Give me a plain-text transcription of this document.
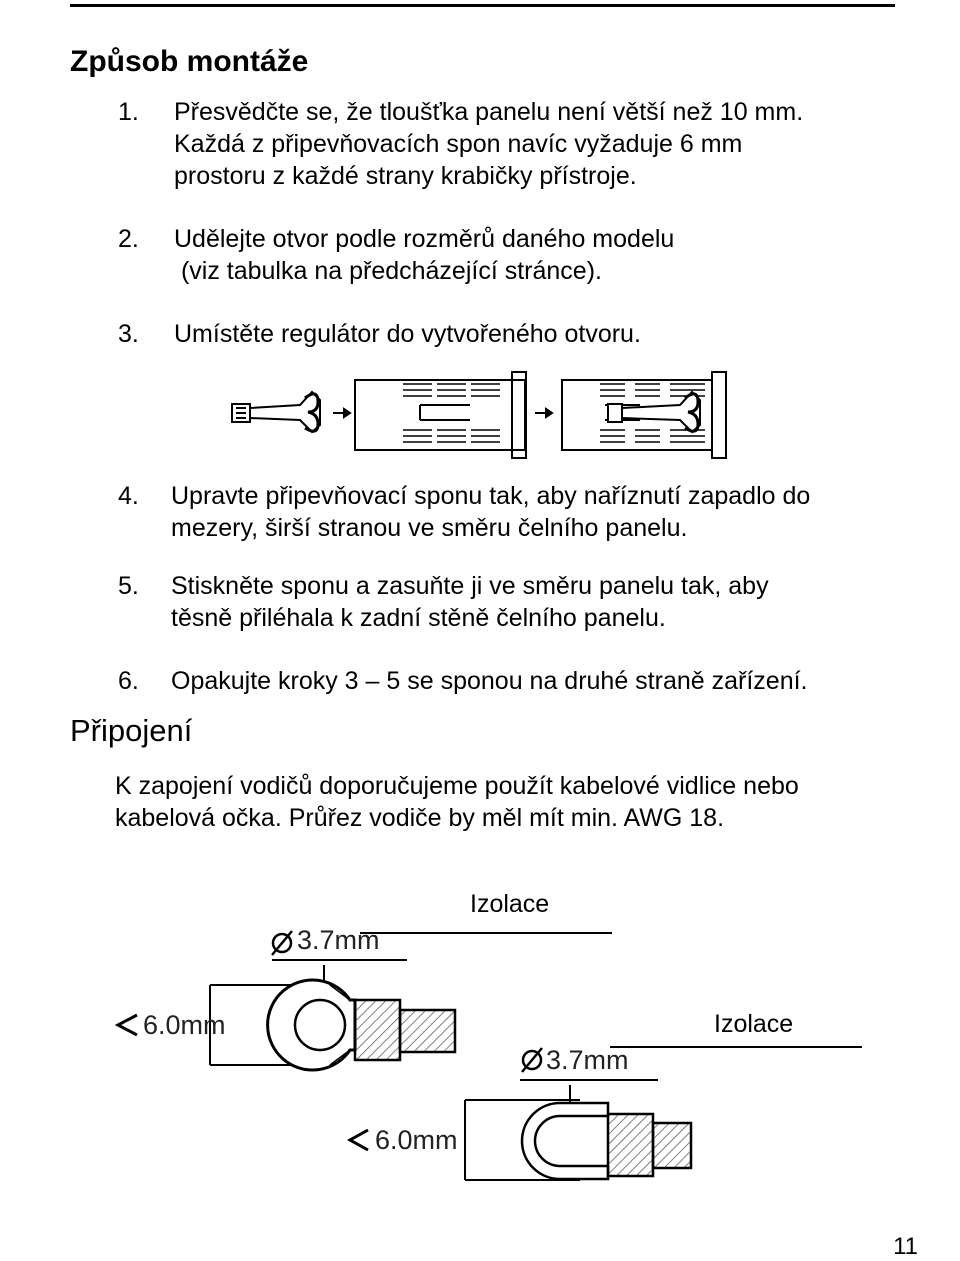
Způsob montáže
1. Přesvědčte se, že tloušťka panelu není větší než 10 mm.
Každá z připevňovacích spon navíc vyžaduje 6 mm
prostoru z každé strany krabičky přístroje.
2. Udělejte otvor podle rozměrů daného modelu
(viz tabulka na předcházející stránce).
3. Umístěte regulátor do vytvořeného otvoru.
4. Upravte připevňovací sponu tak, aby naříznutí zapadlo do
mezery, širší stranou ve směru čelního panelu.
5. Stiskněte sponu a zasuňte ji ve směru panelu tak, aby
těsně přiléhala k zadní stěně čelního panelu.
6. Opakujte kroky 3 – 5 se sponou na druhé straně zařízení.
Připojení
K zapojení vodičů doporučujeme použít kabelové vidlice nebo
kabelová očka. Průřez vodiče by měl mít min. AWG 18.
Izolace
3.7mm
6.0mm	Izolace
3.7mm
6.0mm
11
